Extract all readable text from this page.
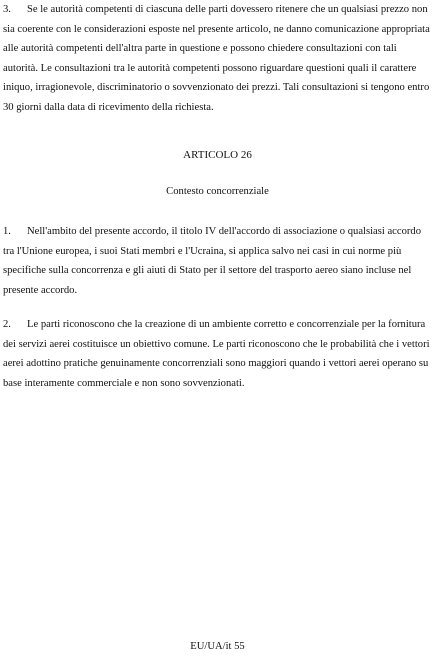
3. Se le autorità competenti di ciascuna delle parti dovessero ritenere che un qualsiasi prezzo non sia coerente con le considerazioni esposte nel presente articolo, ne danno comunicazione appropriata alle autorità competenti dell'altra parte in questione e possono chiedere consultazioni con tali autorità. Le consultazioni tra le autorità competenti possono riguardare questioni quali il carattere iniquo, irragionevole, discriminatorio o sovvenzionato dei prezzi. Tali consultazioni si tengono entro 30 giorni dalla data di ricevimento della richiesta.

ARTICOLO 26

Contesto concorrenziale

1. Nell'ambito del presente accordo, il titolo IV dell'accordo di associazione o qualsiasi accordo tra l'Unione europea, i suoi Stati membri e l'Ucraina, si applica salvo nei casi in cui norme più specifiche sulla concorrenza e gli aiuti di Stato per il settore del trasporto aereo siano incluse nel presente accordo.

2. Le parti riconoscono che la creazione di un ambiente corretto e concorrenziale per la fornitura dei servizi aerei costituisce un obiettivo comune. Le parti riconoscono che le probabilità che i vettori aerei adottino pratiche genuinamente concorrenziali sono maggiori quando i vettori aerei operano su base interamente commerciale e non sono sovvenzionati.

EU/UA/it 55
